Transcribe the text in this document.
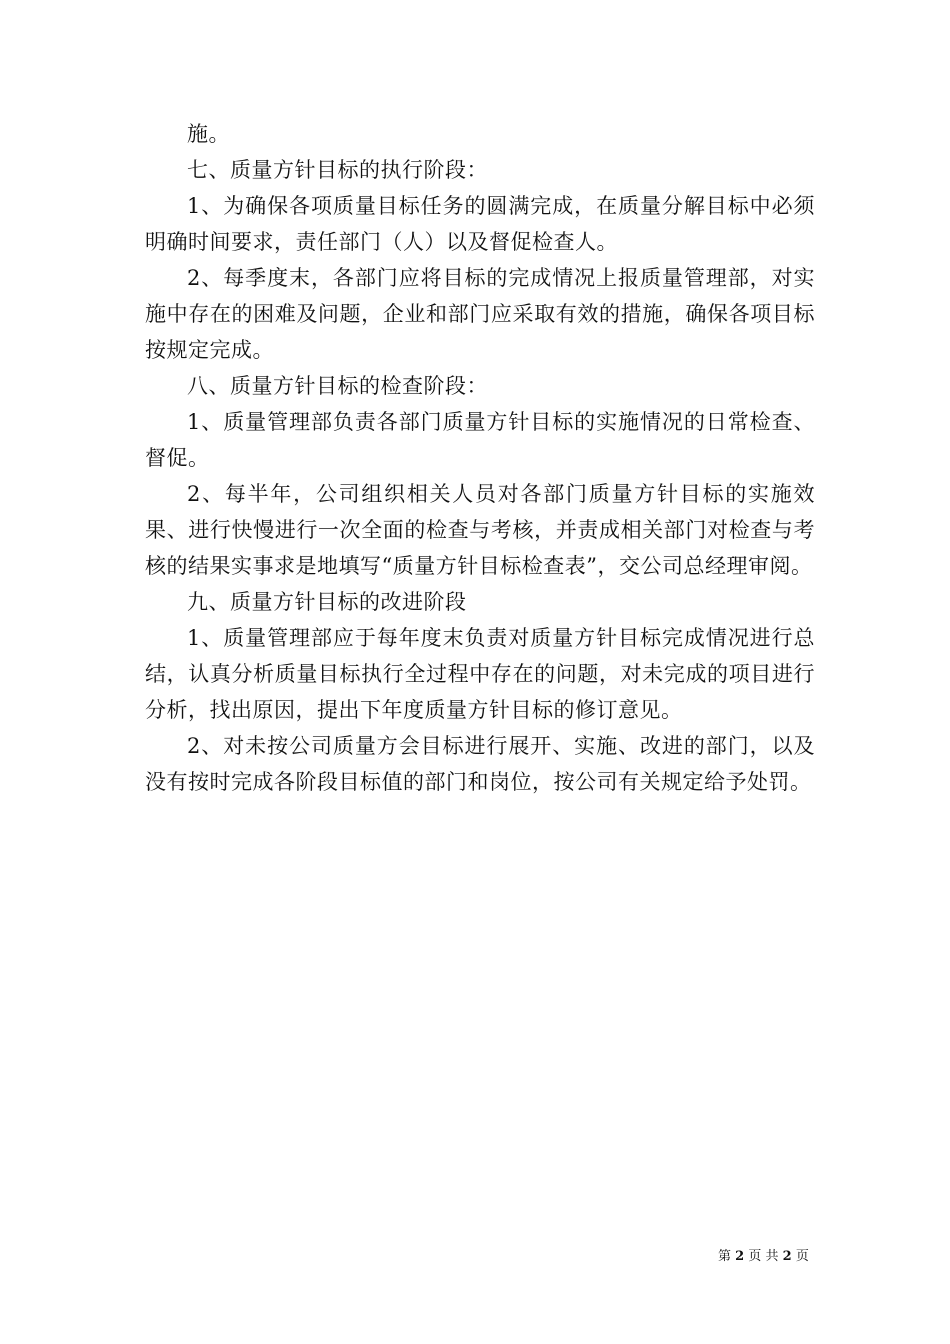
施。

七、质量方针目标的执行阶段：

1、为确保各项质量目标任务的圆满完成，在质量分解目标中必须明确时间要求，责任部门（人）以及督促检查人。

2、每季度末，各部门应将目标的完成情况上报质量管理部，对实施中存在的困难及问题，企业和部门应采取有效的措施，确保各项目标按规定完成。

八、质量方针目标的检查阶段：

1、质量管理部负责各部门质量方针目标的实施情况的日常检查、督促。

2、每半年，公司组织相关人员对各部门质量方针目标的实施效果、进行快慢进行一次全面的检查与考核，并责成相关部门对检查与考核的结果实事求是地填写“质量方针目标检查表”，交公司总经理审阅。

九、质量方针目标的改进阶段

1、质量管理部应于每年度末负责对质量方针目标完成情况进行总结，认真分析质量目标执行全过程中存在的问题，对未完成的项目进行分析，找出原因，提出下年度质量方针目标的修订意见。

2、对未按公司质量方会目标进行展开、实施、改进的部门，以及没有按时完成各阶段目标值的部门和岗位，按公司有关规定给予处罚。

第 2 页 共 2 页
